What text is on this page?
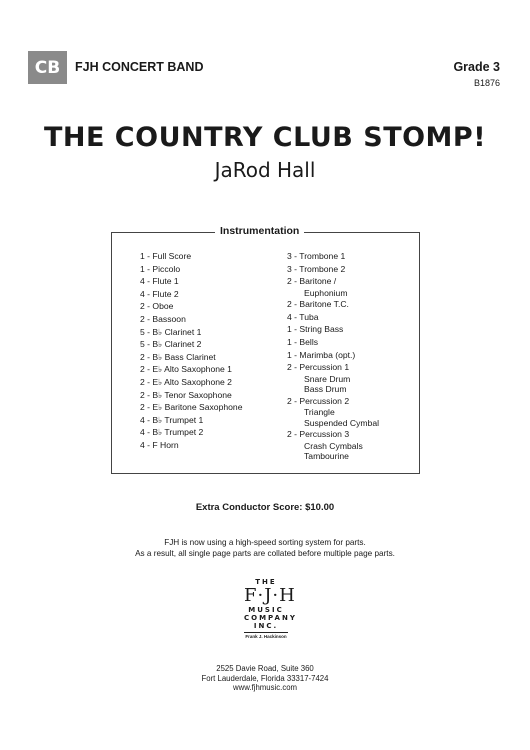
CB	FJH CONCERT BAND	Grade 3
B1876
THE COUNTRY CLUB STOMP!
JaRod Hall
Instrumentation
1 - Full Score
1 - Piccolo
4 - Flute 1
4 - Flute 2
2 - Oboe
2 - Bassoon
5 - B♭ Clarinet 1
5 - B♭ Clarinet 2
2 - B♭ Bass Clarinet
2 - E♭ Alto Saxophone 1
2 - E♭ Alto Saxophone 2
2 - B♭ Tenor Saxophone
2 - E♭ Baritone Saxophone
4 - B♭ Trumpet 1
4 - B♭ Trumpet 2
4 - F Horn
3 - Trombone 1
3 - Trombone 2
2 - Baritone /
Euphonium
2 - Baritone T.C.
4 - Tuba
1 - String Bass
1 - Bells
1 - Marimba (opt.)
2 - Percussion 1
Snare Drum
Bass Drum
2 - Percussion 2
Triangle
Suspended Cymbal
2 - Percussion 3
Crash Cymbals
Tambourine
Extra Conductor Score: $10.00
FJH is now using a high-speed sorting system for parts.
As a result, all single page parts are collated before multiple page parts.
THE
F·J·H
MUSIC
COMPANY
INC.
Frank J. Hackinson
2525 Davie Road, Suite 360
Fort Lauderdale, Florida 33317-7424
www.fjhmusic.com
